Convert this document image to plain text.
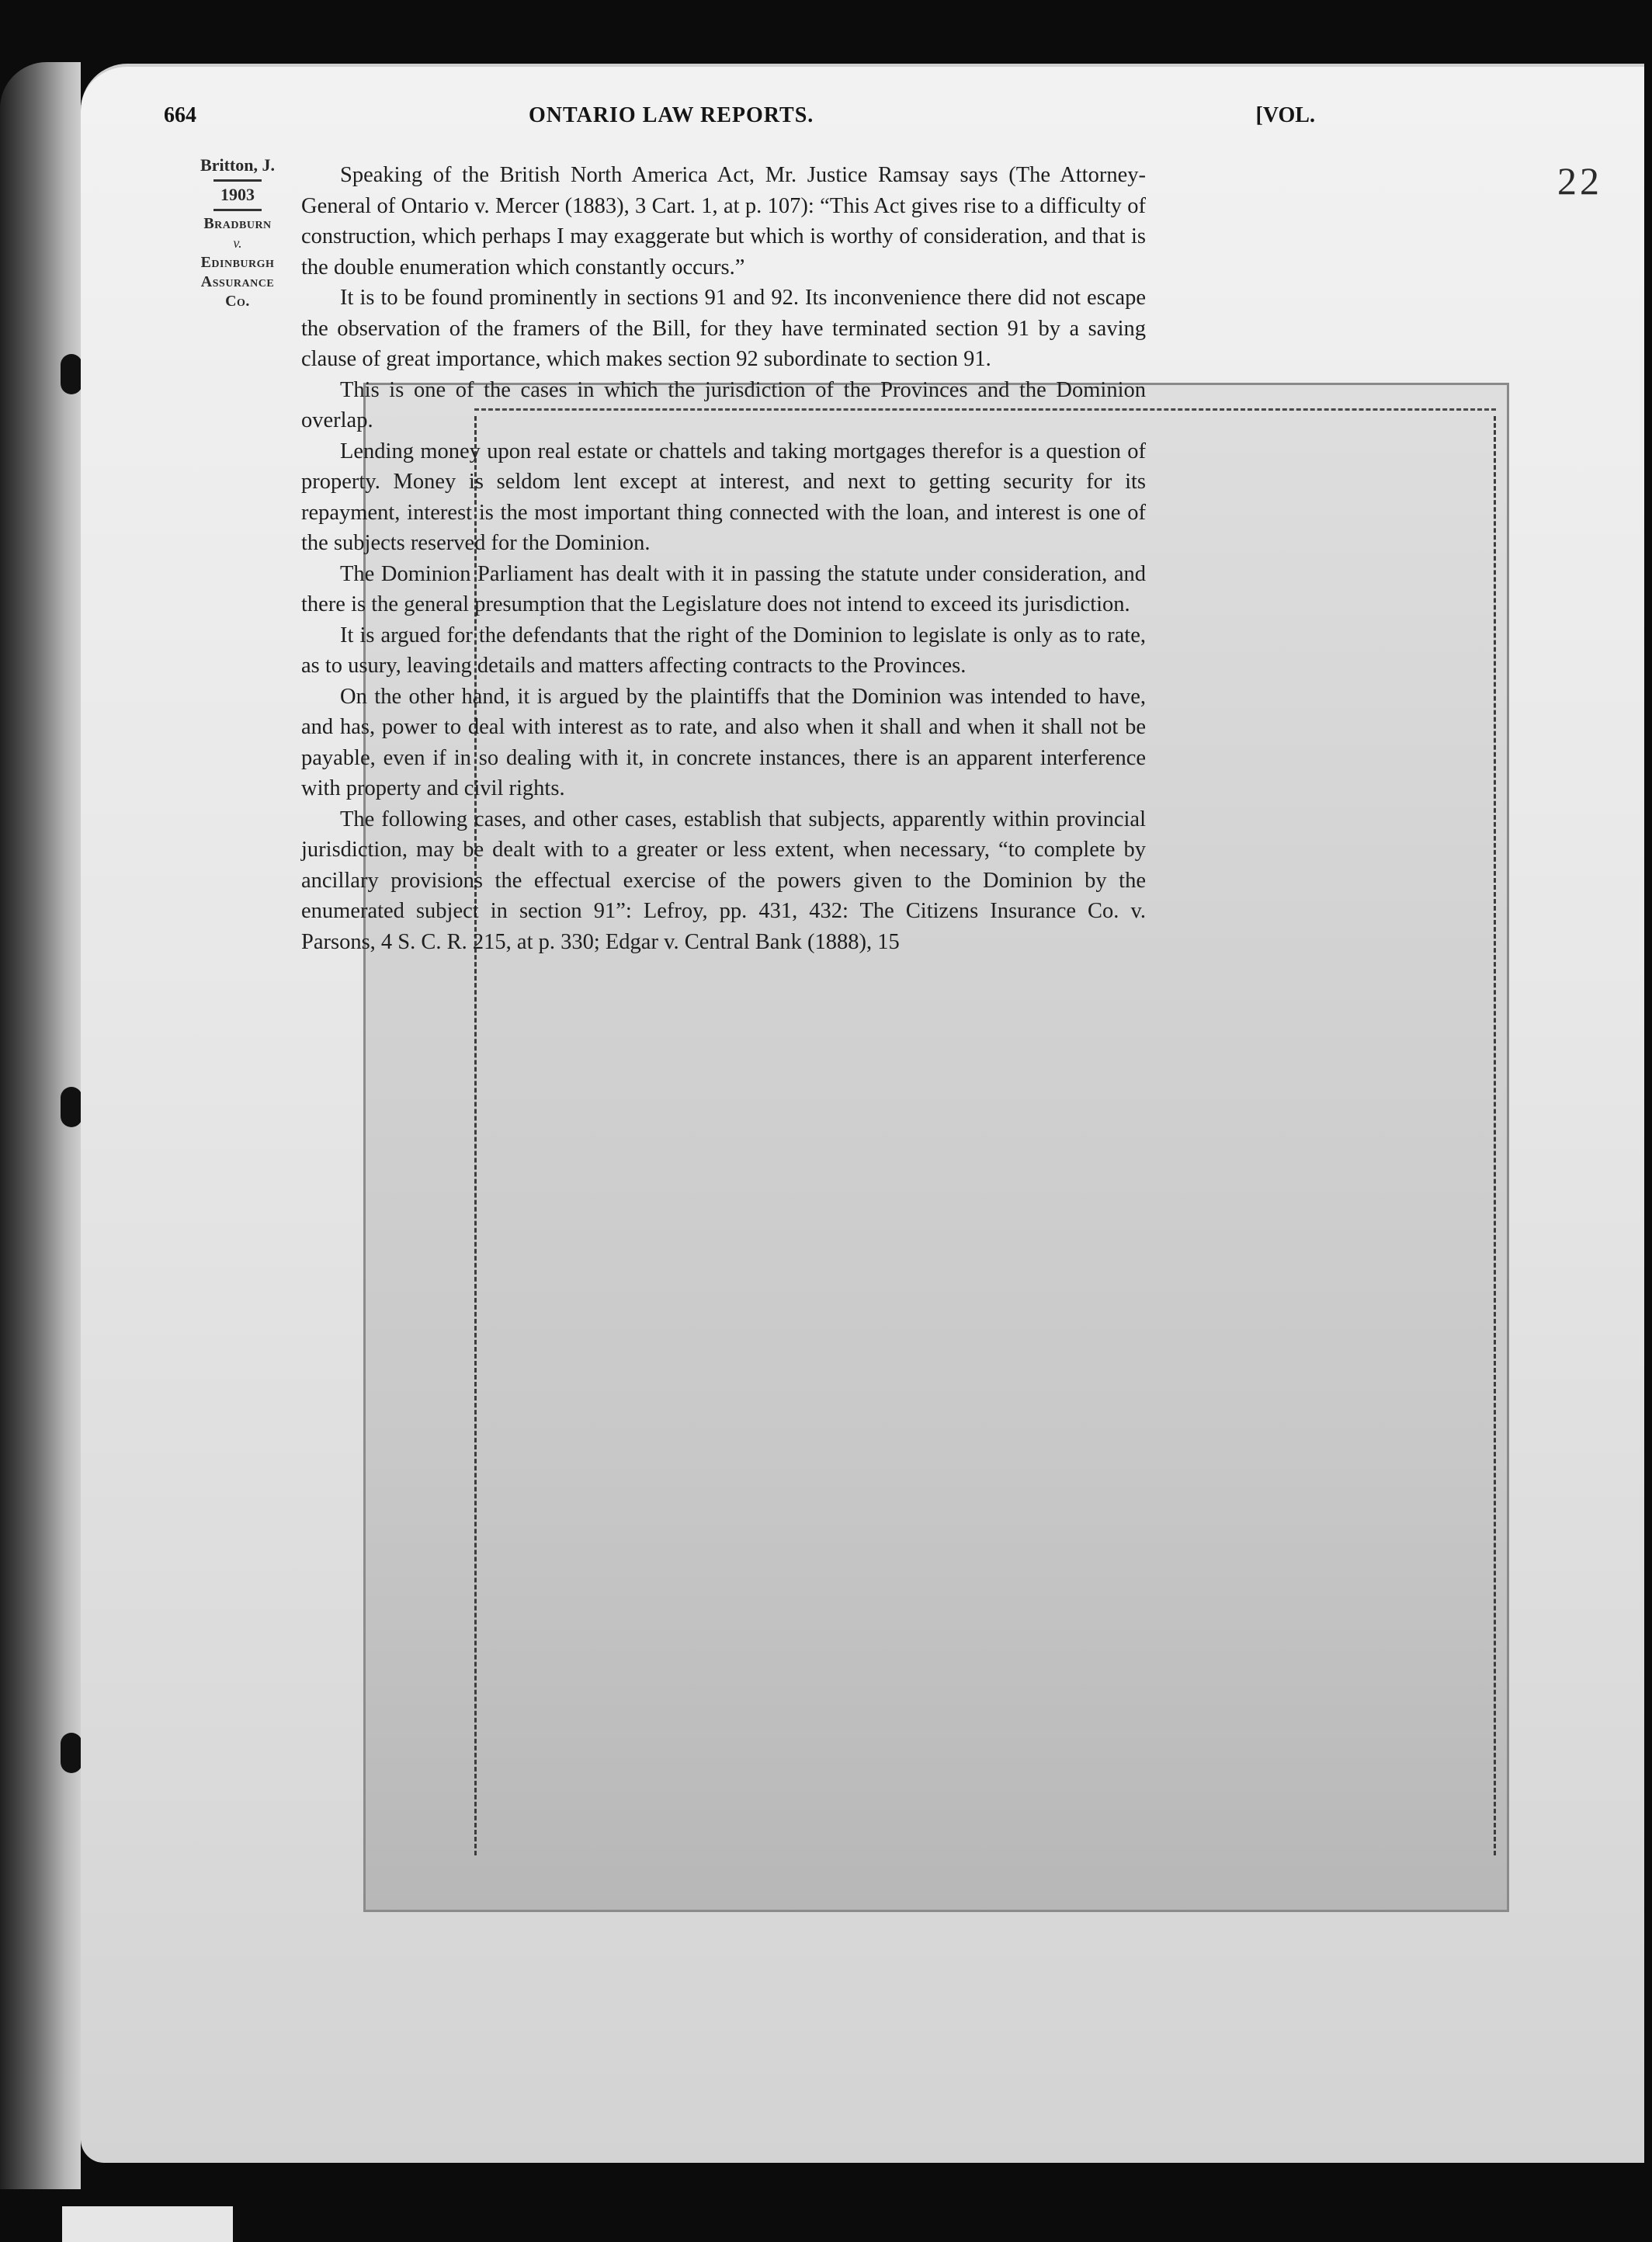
22
664	ONTARIO LAW REPORTS.	[VOL.
Britton, J.
1903
Bradburn
v.
Edinburgh
Assurance
Co.

Speaking of the British North America Act, Mr. Justice Ramsay says (The Attorney-General of Ontario v. Mercer (1883), 3 Cart. 1, at p. 107): “This Act gives rise to a difficulty of construction, which perhaps I may exaggerate but which is worthy of consideration, and that is the double enumeration which constantly occurs.”

It is to be found prominently in sections 91 and 92. Its inconvenience there did not escape the observation of the framers of the Bill, for they have terminated section 91 by a saving clause of great importance, which makes section 92 subordinate to section 91.

This is one of the cases in which the jurisdiction of the Provinces and the Dominion overlap.

Lending money upon real estate or chattels and taking mortgages therefor is a question of property. Money is seldom lent except at interest, and next to getting security for its repayment, interest is the most important thing connected with the loan, and interest is one of the subjects reserved for the Dominion.

The Dominion Parliament has dealt with it in passing the statute under consideration, and there is the general presumption that the Legislature does not intend to exceed its jurisdiction.

It is argued for the defendants that the right of the Dominion to legislate is only as to rate, as to usury, leaving details and matters affecting contracts to the Provinces.

On the other hand, it is argued by the plaintiffs that the Dominion was intended to have, and has, power to deal with interest as to rate, and also when it shall and when it shall not be payable, even if in so dealing with it, in concrete instances, there is an apparent interference with property and civil rights.

The following cases, and other cases, establish that subjects, apparently within provincial jurisdiction, may be dealt with to a greater or less extent, when necessary, “to complete by ancillary provisions the effectual exercise of the powers given to the Dominion by the enumerated subject in section 91”: Lefroy, pp. 431, 432: The Citizens Insurance Co. v. Parsons, 4 S. C. R. 215, at p. 330; Edgar v. Central Bank (1888), 15
